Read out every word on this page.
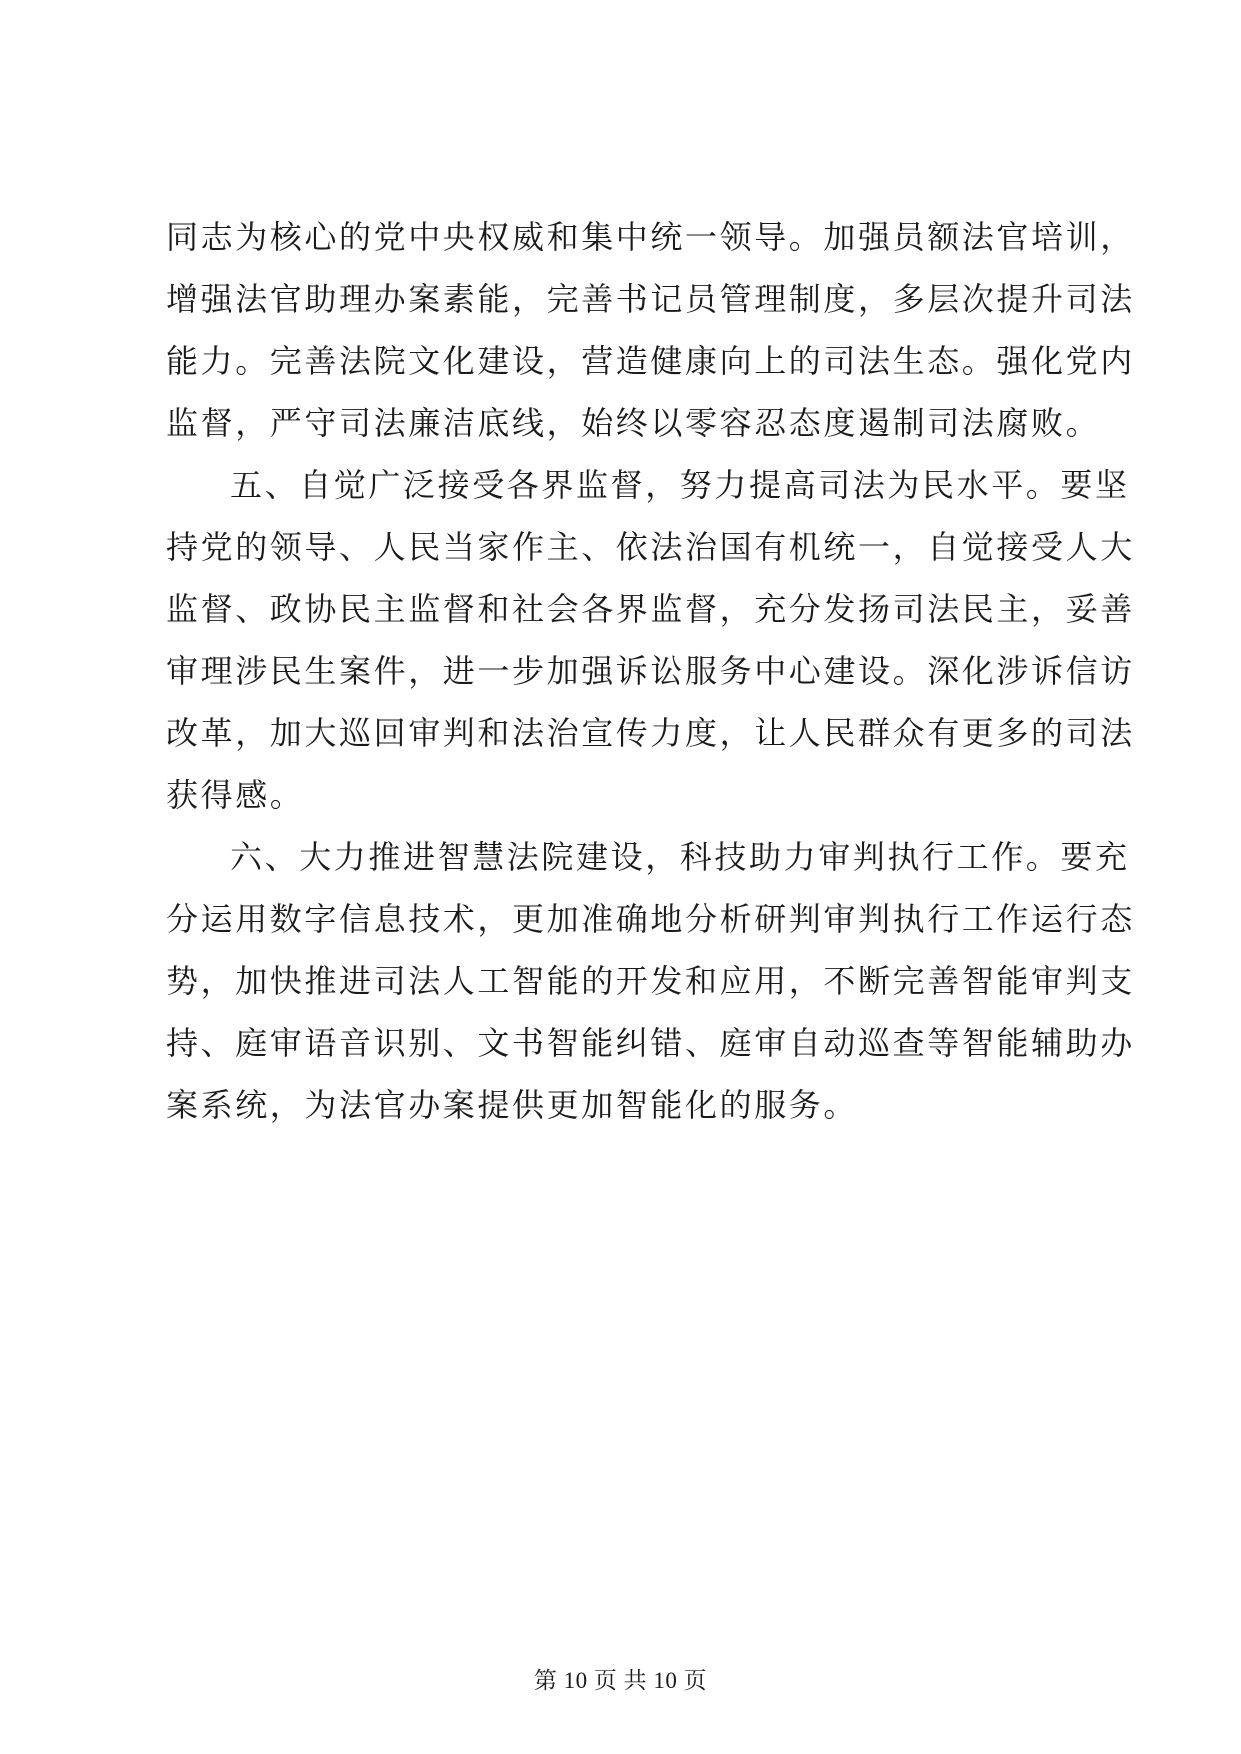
同志为核心的党中央权威和集中统一领导。加强员额法官培训，
增强法官助理办案素能，完善书记员管理制度，多层次提升司法
能力。完善法院文化建设，营造健康向上的司法生态。强化党内
监督，严守司法廉洁底线，始终以零容忍态度遏制司法腐败。
五、自觉广泛接受各界监督，努力提高司法为民水平。要坚
持党的领导、人民当家作主、依法治国有机统一，自觉接受人大
监督、政协民主监督和社会各界监督，充分发扬司法民主，妥善
审理涉民生案件，进一步加强诉讼服务中心建设。深化涉诉信访
改革，加大巡回审判和法治宣传力度，让人民群众有更多的司法
获得感。
六、大力推进智慧法院建设，科技助力审判执行工作。要充
分运用数字信息技术，更加准确地分析研判审判执行工作运行态
势，加快推进司法人工智能的开发和应用，不断完善智能审判支
持、庭审语音识别、文书智能纠错、庭审自动巡查等智能辅助办
案系统，为法官办案提供更加智能化的服务。
第 10 页 共 10 页
